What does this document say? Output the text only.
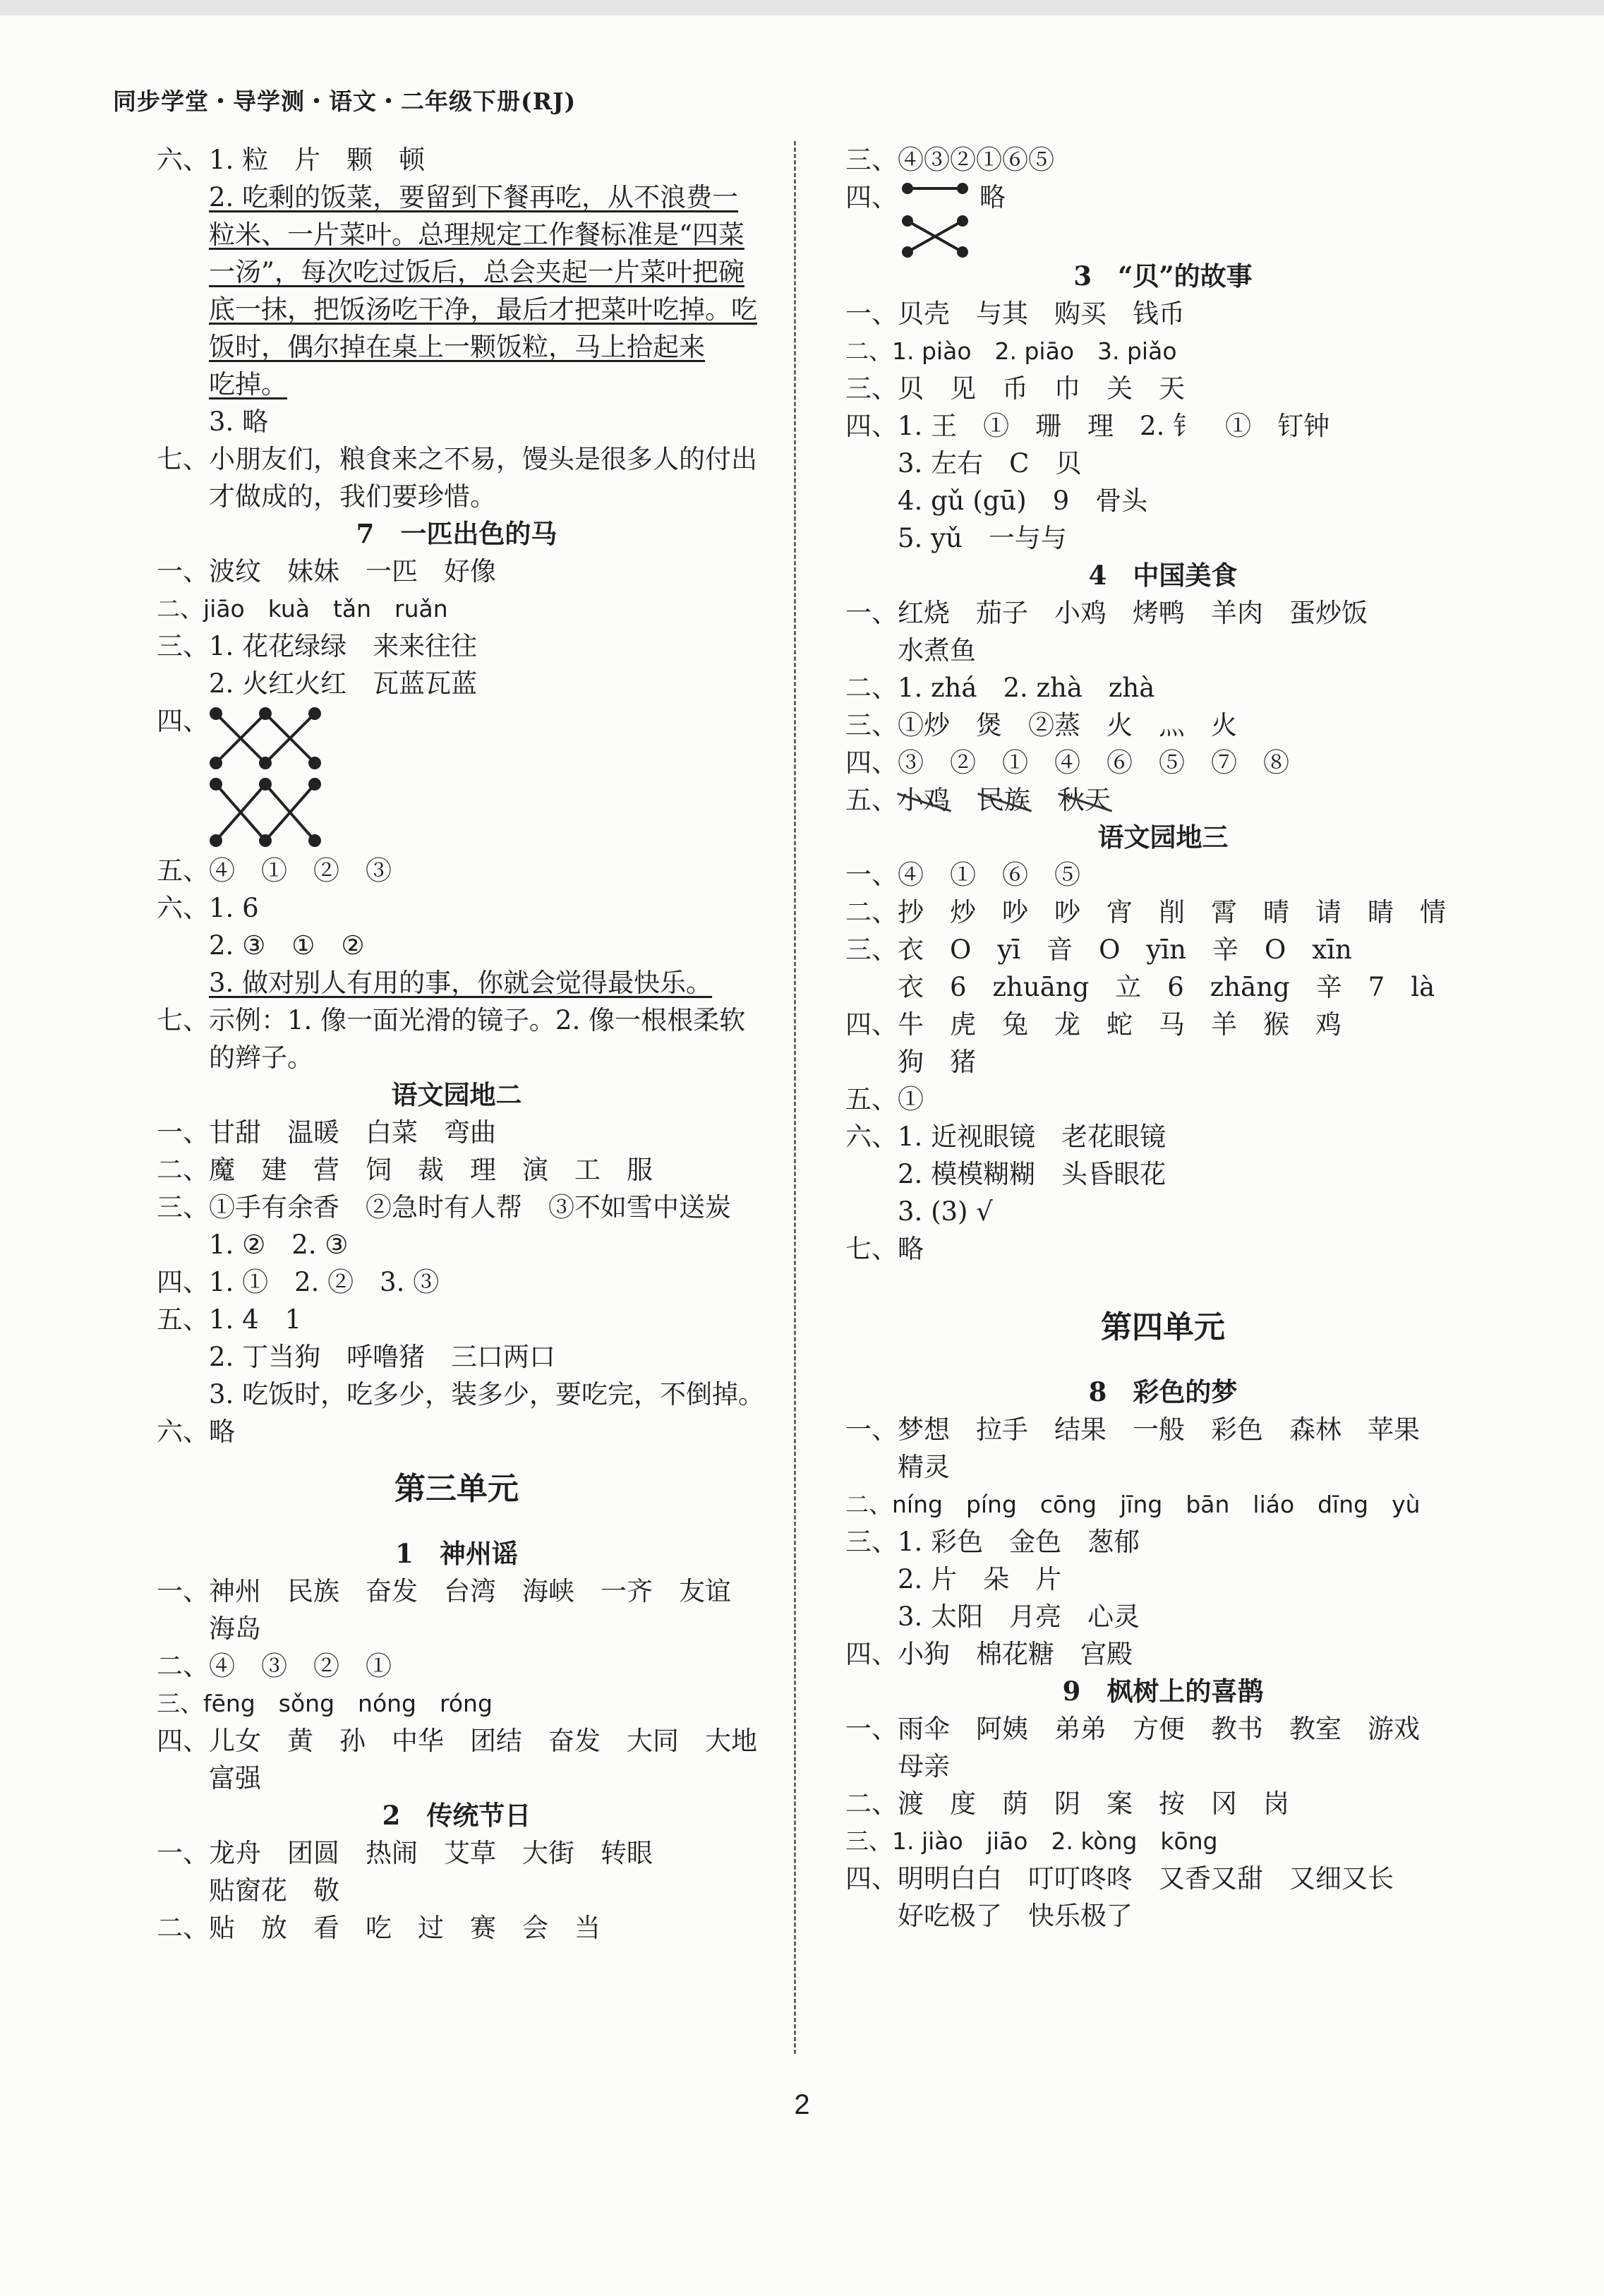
同步学堂・导学测・语文・二年级下册(RJ)
六、1. 粒　片　颗　顿
2. 吃剩的饭菜，要留到下餐再吃，从不浪费一
粒米、一片菜叶。总理规定工作餐标准是“四菜
一汤”，每次吃过饭后，总会夹起一片菜叶把碗
底一抹，把饭汤吃干净，最后才把菜叶吃掉。吃
饭时，偶尔掉在桌上一颗饭粒，马上拾起来
吃掉。
3. 略
七、小朋友们，粮食来之不易，馒头是很多人的付出
才做成的，我们要珍惜。
7　一匹出色的马
一、波纹　妹妹　一匹　好像
二、jiāo　kuà　tǎn　ruǎn
三、1. 花花绿绿　来来往往
2. 火红火红　瓦蓝瓦蓝
四、
五、④　①　②　③
六、1. 6
2. ③　①　②
3. 做对别人有用的事，你就会觉得最快乐。
七、示例：1. 像一面光滑的镜子。2. 像一根根柔软
的辫子。
语文园地二
一、甘甜　温暖　白菜　弯曲
二、魔　建　营　饲　裁　理　演　工　服
三、①手有余香　②急时有人帮　③不如雪中送炭
1. ②　2. ③
四、1. ①　2. ②　3. ③
五、1. 4　1
2. 丁当狗　呼噜猪　三口两口
3. 吃饭时，吃多少，装多少，要吃完，不倒掉。
六、略
第三单元
1　神州谣
一、神州　民族　奋发　台湾　海峡　一齐　友谊
海岛
二、④　③　②　①
三、fēng　sǒng　nóng　róng
四、儿女　黄　孙　中华　团结　奋发　大同　大地
富强
2　传统节日
一、龙舟　团圆　热闹　艾草　大街　转眼
贴窗花　敬
二、贴　放　看　吃　过　赛　会　当
三、④③②①⑥⑤
四、	略
3　“贝”的故事
一、贝壳　与其　购买　钱币
二、1. piào　2. piāo　3. piǎo
三、贝　见　币　巾　关　天
四、1. 王　①　珊　理　2. 钅　①　钉钟
3. 左右　C　贝
4. gǔ (gū)　9　骨头
5. yǔ　一与与
4　中国美食
一、红烧　茄子　小鸡　烤鸭　羊肉　蛋炒饭
水煮鱼
二、1. zhá　2. zhà　zhà
三、①炒　煲　②蒸　火　灬　火
四、③　②　①　④　⑥　⑤　⑦　⑧
五、小鸡 民族 秋天
语文园地三
一、④　①　⑥　⑤
二、抄　炒　吵　吵　宵　削　霄　晴　请　睛　情
三、衣　O　yī　音　O　yīn　辛　O　xīn
衣　6　zhuāng　立　6　zhāng　辛　7　là
四、牛　虎　兔　龙　蛇　马　羊　猴　鸡
狗　猪
五、①
六、1. 近视眼镜　老花眼镜
2. 模模糊糊　头昏眼花
3. (3) √
七、略
第四单元
8　彩色的梦
一、梦想　拉手　结果　一般　彩色　森林　苹果
精灵
二、níng　píng　cōng　jīng　bān　liáo　dīng　yù
三、1. 彩色　金色　葱郁
2. 片　朵　片
3. 太阳　月亮　心灵
四、小狗　棉花糖　宫殿
9　枫树上的喜鹊
一、雨伞　阿姨　弟弟　方便　教书　教室　游戏
母亲
二、渡　度　荫　阴　案　按　冈　岗
三、1. jiào　jiāo　2. kòng　kōng
四、明明白白　叮叮咚咚　又香又甜　又细又长
好吃极了　快乐极了
2
